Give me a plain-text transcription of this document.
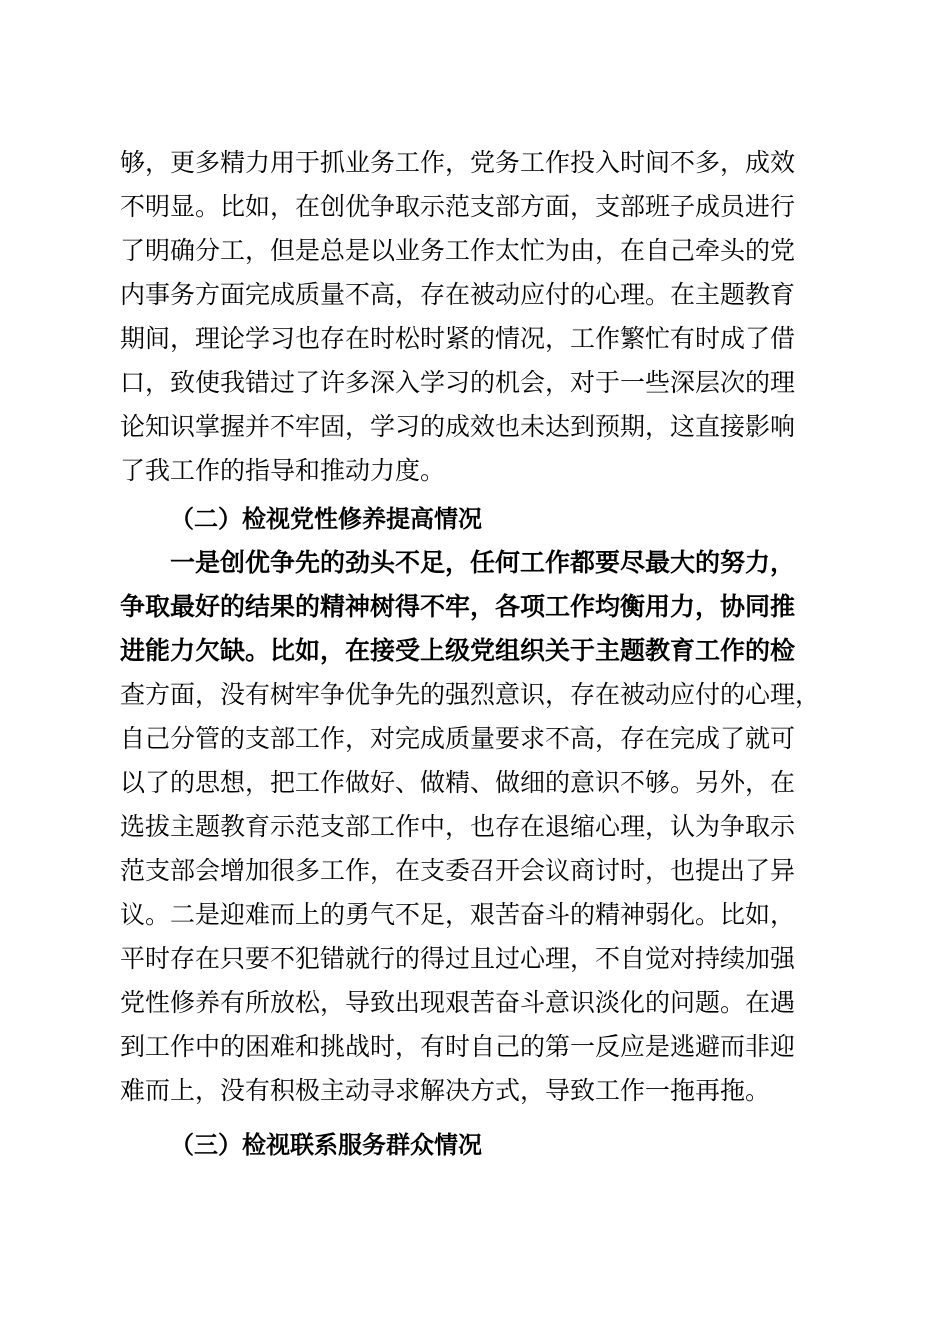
够，更多精力用于抓业务工作，党务工作投入时间不多，成效
不明显。比如，在创优争取示范支部方面，支部班子成员进行
了明确分工，但是总是以业务工作太忙为由，在自己牵头的党
内事务方面完成质量不高，存在被动应付的心理。在主题教育
期间，理论学习也存在时松时紧的情况，工作繁忙有时成了借
口，致使我错过了许多深入学习的机会，对于一些深层次的理
论知识掌握并不牢固，学习的成效也未达到预期，这直接影响
了我工作的指导和推动力度。
（二）检视党性修养提高情况
一是创优争先的劲头不足，任何工作都要尽最大的努力，
争取最好的结果的精神树得不牢，各项工作均衡用力，协同推
进能力欠缺。比如，在接受上级党组织关于主题教育工作的检
查方面，没有树牢争优争先的强烈意识，存在被动应付的心理，
自己分管的支部工作，对完成质量要求不高，存在完成了就可
以了的思想，把工作做好、做精、做细的意识不够。另外，在
选拔主题教育示范支部工作中，也存在退缩心理，认为争取示
范支部会增加很多工作，在支委召开会议商讨时，也提出了异
议。二是迎难而上的勇气不足，艰苦奋斗的精神弱化。比如，
平时存在只要不犯错就行的得过且过心理，不自觉对持续加强
党性修养有所放松，导致出现艰苦奋斗意识淡化的问题。在遇
到工作中的困难和挑战时，有时自己的第一反应是逃避而非迎
难而上，没有积极主动寻求解决方式，导致工作一拖再拖。
（三）检视联系服务群众情况
